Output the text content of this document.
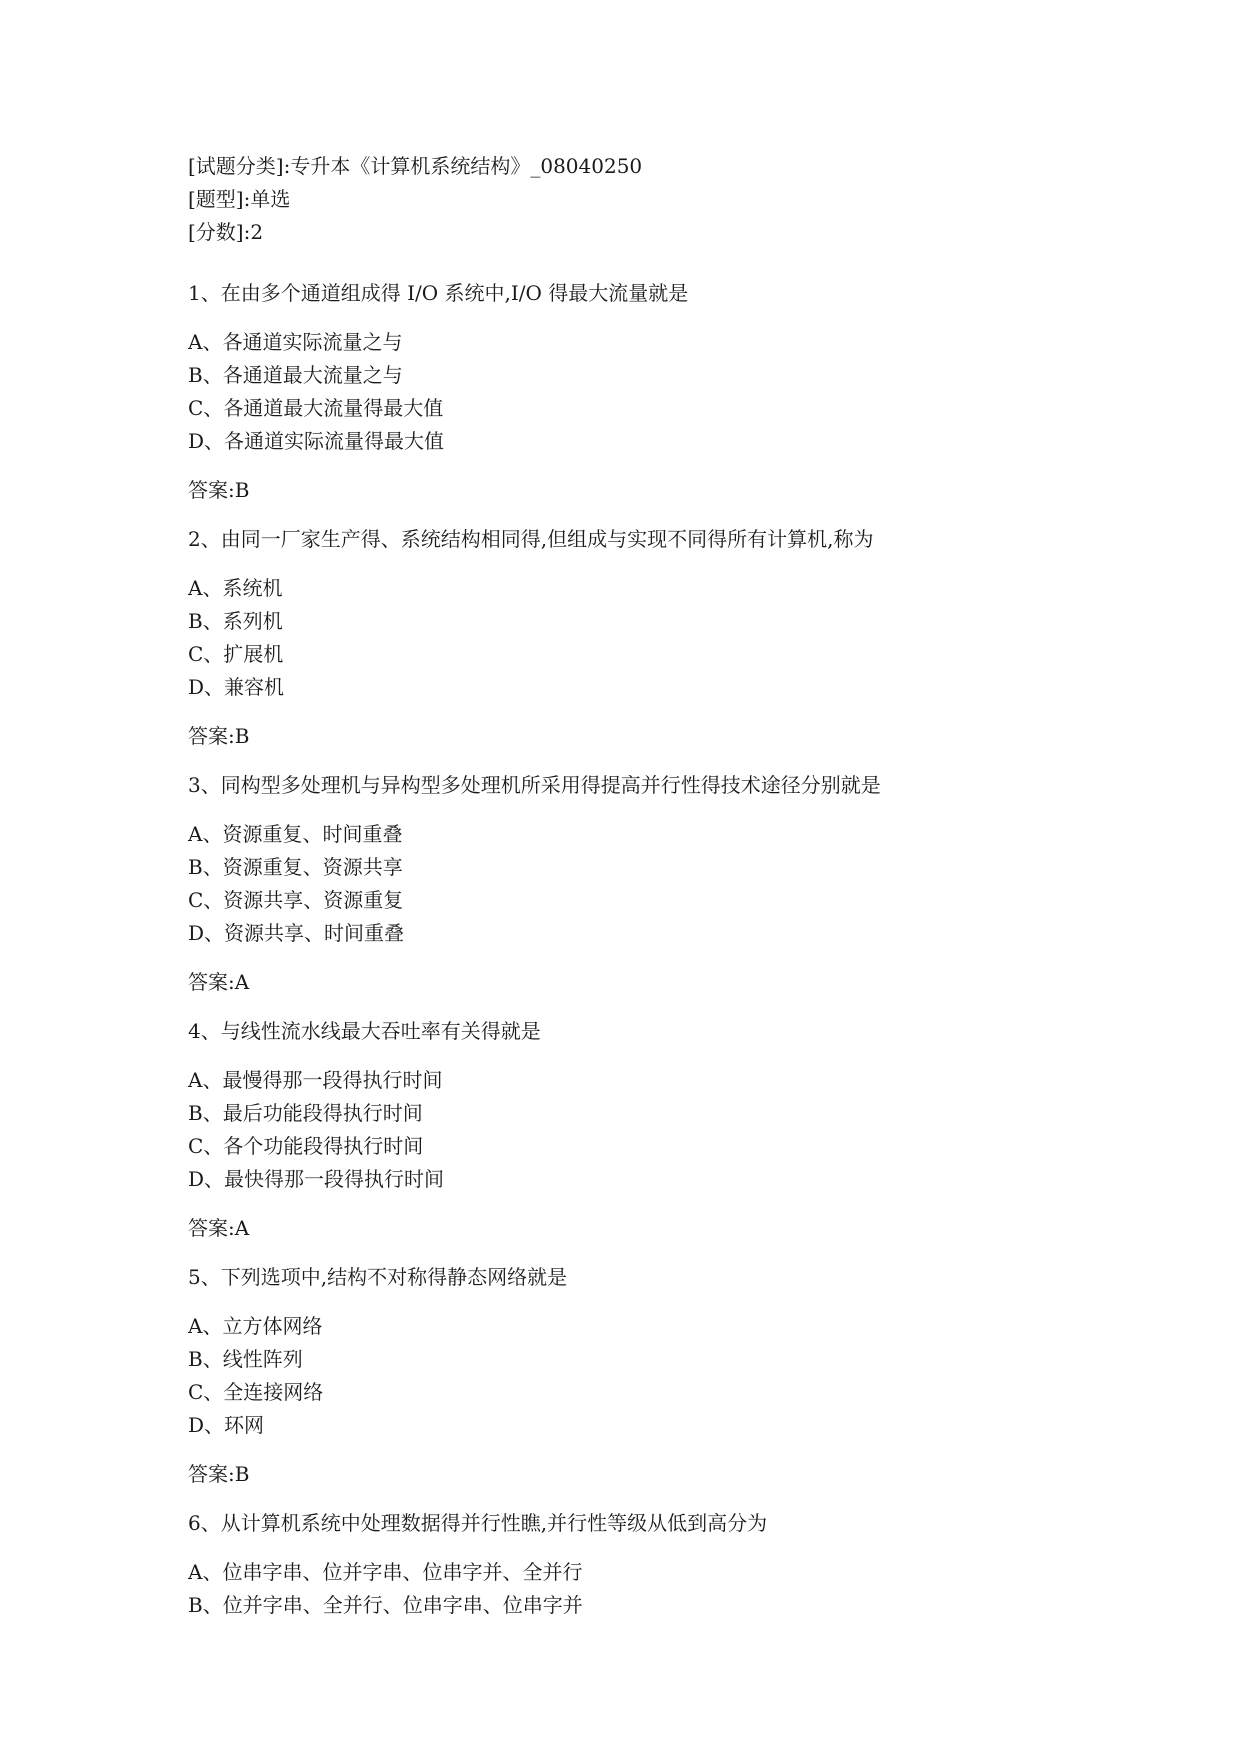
[试题分类]:专升本《计算机系统结构》_08040250
[题型]:单选
[分数]:2
1、在由多个通道组成得 I/O 系统中,I/O 得最大流量就是
A、各通道实际流量之与
B、各通道最大流量之与
C、各通道最大流量得最大值
D、各通道实际流量得最大值
答案:B
2、由同一厂家生产得、系统结构相同得,但组成与实现不同得所有计算机,称为
A、系统机
B、系列机
C、扩展机
D、兼容机
答案:B
3、同构型多处理机与异构型多处理机所采用得提高并行性得技术途径分别就是
A、资源重复、时间重叠
B、资源重复、资源共享
C、资源共享、资源重复
D、资源共享、时间重叠
答案:A
4、与线性流水线最大吞吐率有关得就是
A、最慢得那一段得执行时间
B、最后功能段得执行时间
C、各个功能段得执行时间
D、最快得那一段得执行时间
答案:A
5、下列选项中,结构不对称得静态网络就是
A、立方体网络
B、线性阵列
C、全连接网络
D、环网
答案:B
6、从计算机系统中处理数据得并行性瞧,并行性等级从低到高分为
A、位串字串、位并字串、位串字并、全并行
B、位并字串、全并行、位串字串、位串字并
